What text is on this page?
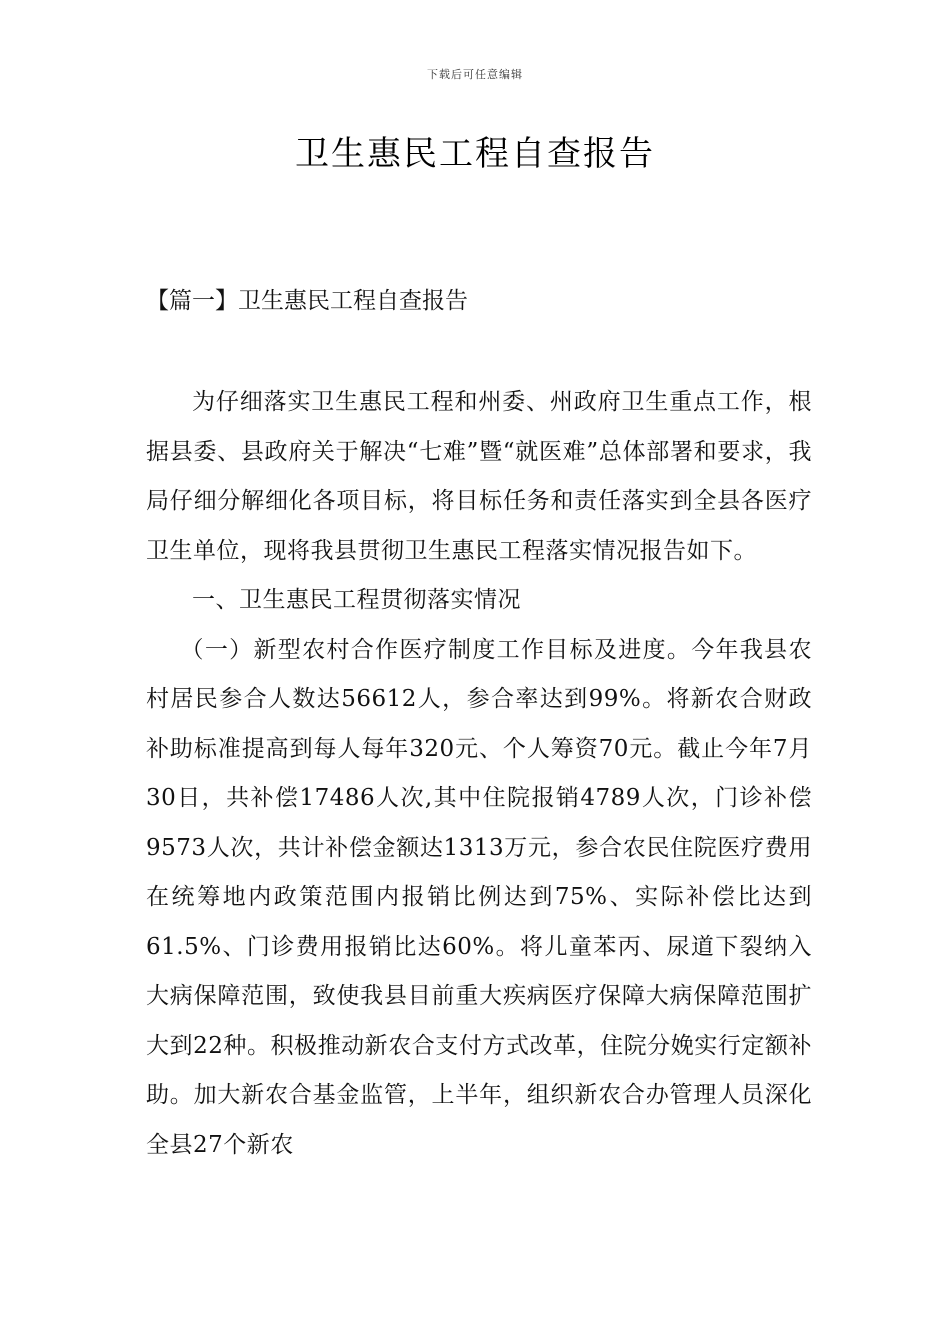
下载后可任意编辑
卫生惠民工程自查报告
【篇一】卫生惠民工程自查报告

为仔细落实卫生惠民工程和州委、州政府卫生重点工作，根据县委、县政府关于解决“七难”暨“就医难”总体部署和要求，我局仔细分解细化各项目标，将目标任务和责任落实到全县各医疗卫生单位，现将我县贯彻卫生惠民工程落实情况报告如下。

一、卫生惠民工程贯彻落实情况

（一）新型农村合作医疗制度工作目标及进度。今年我县农村居民参合人数达56612人，参合率达到99%。将新农合财政补助标准提高到每人每年320元、个人筹资70元。截止今年7月30日，共补偿17486人次,其中住院报销4789人次，门诊补偿9573人次，共计补偿金额达1313万元，参合农民住院医疗费用在统筹地内政策范围内报销比例达到75%、实际补偿比达到61.5%、门诊费用报销比达60%。将儿童苯丙、尿道下裂纳入大病保障范围，致使我县目前重大疾病医疗保障大病保障范围扩大到22种。积极推动新农合支付方式改革，住院分娩实行定额补助。加大新农合基金监管，上半年，组织新农合办管理人员深化全县27个新农
